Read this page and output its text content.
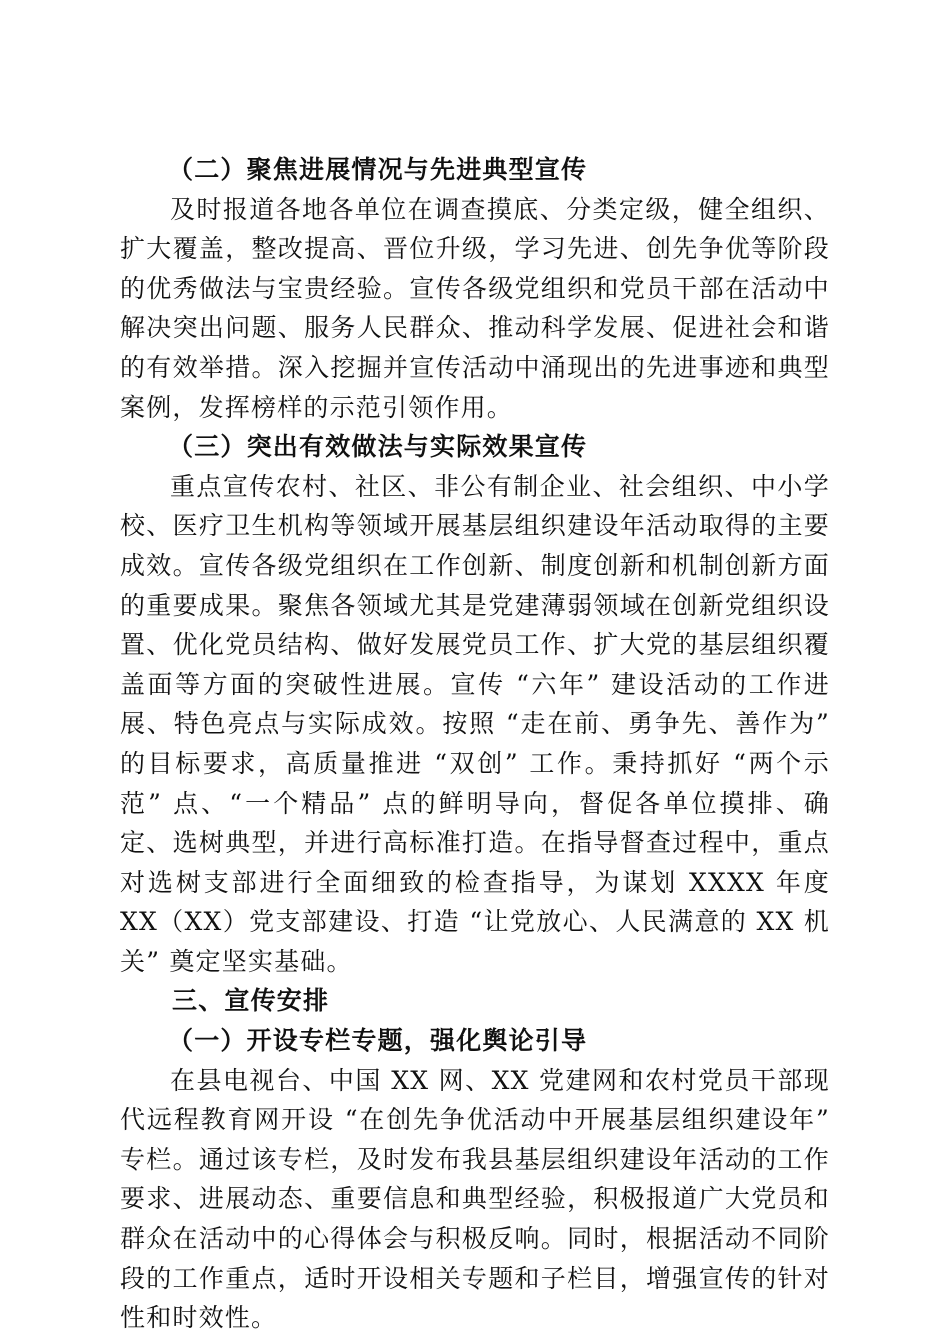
（二）聚焦进展情况与先进典型宣传

及时报道各地各单位在调查摸底、分类定级，健全组织、扩大覆盖，整改提高、晋位升级，学习先进、创先争优等阶段的优秀做法与宝贵经验。宣传各级党组织和党员干部在活动中解决突出问题、服务人民群众、推动科学发展、促进社会和谐的有效举措。深入挖掘并宣传活动中涌现出的先进事迹和典型案例，发挥榜样的示范引领作用。

（三）突出有效做法与实际效果宣传

重点宣传农村、社区、非公有制企业、社会组织、中小学校、医疗卫生机构等领域开展基层组织建设年活动取得的主要成效。宣传各级党组织在工作创新、制度创新和机制创新方面的重要成果。聚焦各领域尤其是党建薄弱领域在创新党组织设置、优化党员结构、做好发展党员工作、扩大党的基层组织覆盖面等方面的突破性进展。宣传 “六年” 建设活动的工作进展、特色亮点与实际成效。按照 “走在前、勇争先、善作为” 的目标要求，高质量推进 “双创” 工作。秉持抓好 “两个示范” 点、“一个精品” 点的鲜明导向，督促各单位摸排、确定、选树典型，并进行高标准打造。在指导督查过程中，重点对选树支部进行全面细致的检查指导，为谋划 XXXX 年度 XX（XX）党支部建设、打造 “让党放心、人民满意的 XX 机关” 奠定坚实基础。

三、宣传安排

（一）开设专栏专题，强化舆论引导

在县电视台、中国 XX 网、XX 党建网和农村党员干部现代远程教育网开设 “在创先争优活动中开展基层组织建设年” 专栏。通过该专栏，及时发布我县基层组织建设年活动的工作要求、进展动态、重要信息和典型经验，积极报道广大党员和群众在活动中的心得体会与积极反响。同时，根据活动不同阶段的工作重点，适时开设相关专题和子栏目，增强宣传的针对性和时效性。
